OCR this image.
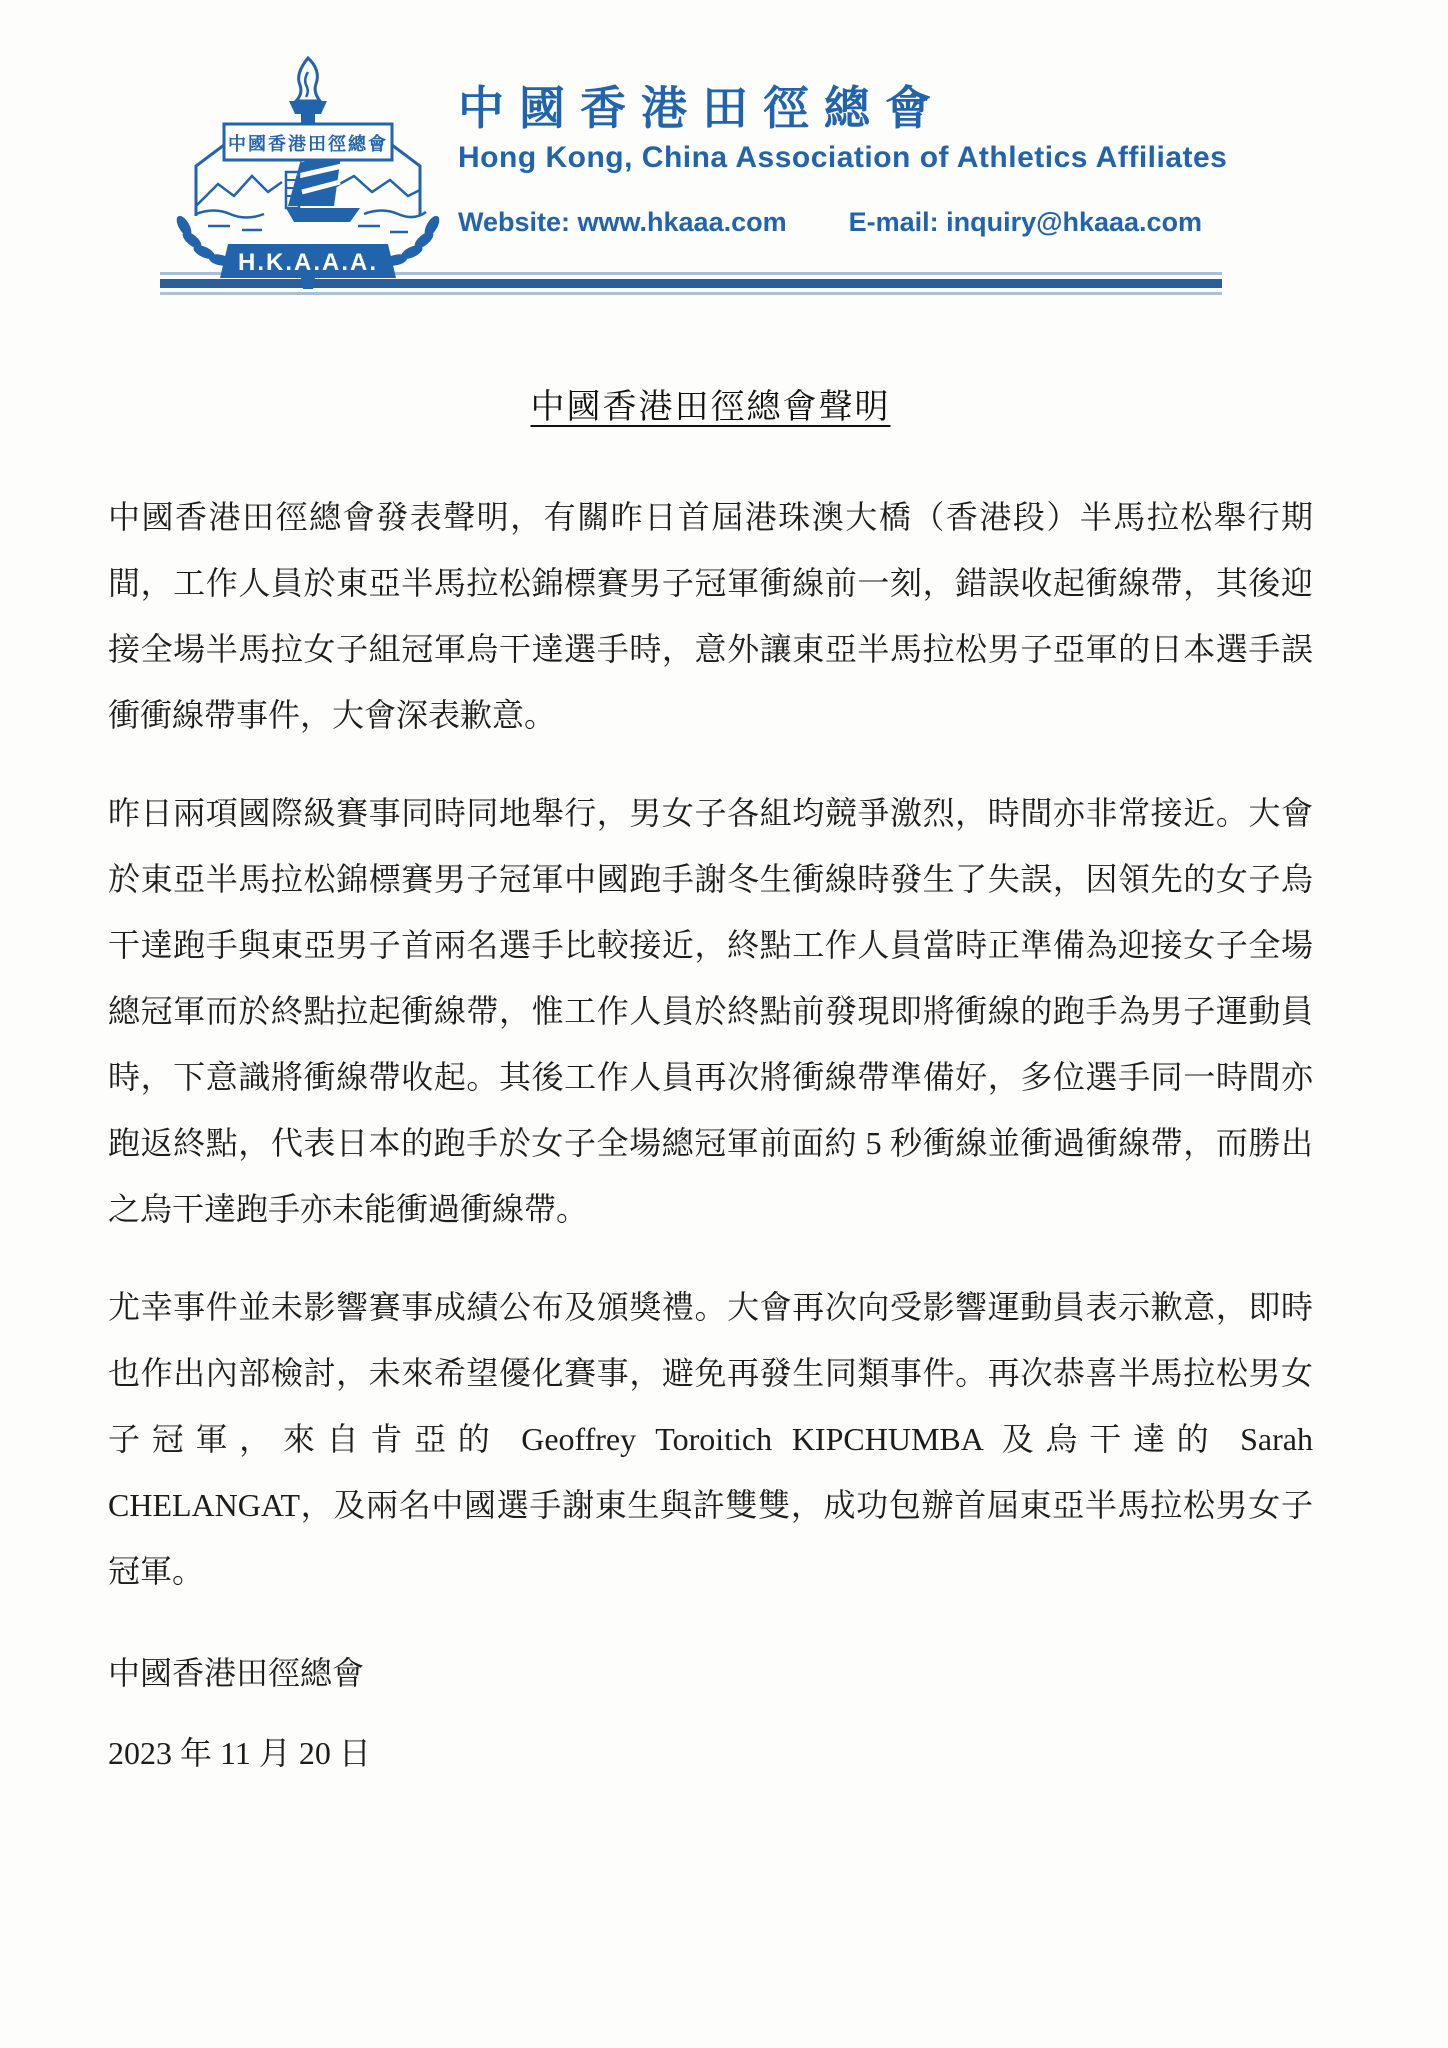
中國香港田徑總會
H.K.A.A.A.
中國香港田徑總會
Hong Kong, China Association of Athletics Affiliates
Website: www.hkaaa.com E-mail: inquiry@hkaaa.com
中國香港田徑總會聲明

中國香港田徑總會發表聲明，有關昨日首屆港珠澳大橋（香港段）半馬拉松舉行期間，工作人員於東亞半馬拉松錦標賽男子冠軍衝線前一刻，錯誤收起衝線帶，其後迎接全場半馬拉女子組冠軍烏干達選手時，意外讓東亞半馬拉松男子亞軍的日本選手誤衝衝線帶事件，大會深表歉意。

昨日兩項國際級賽事同時同地舉行，男女子各組均競爭激烈，時間亦非常接近。大會於東亞半馬拉松錦標賽男子冠軍中國跑手謝冬生衝線時發生了失誤，因領先的女子烏干達跑手與東亞男子首兩名選手比較接近，終點工作人員當時正準備為迎接女子全場總冠軍而於終點拉起衝線帶，惟工作人員於終點前發現即將衝線的跑手為男子運動員時，下意識將衝線帶收起。其後工作人員再次將衝線帶準備好，多位選手同一時間亦跑返終點，代表日本的跑手於女子全場總冠軍前面約 5 秒衝線並衝過衝線帶，而勝出之烏干達跑手亦未能衝過衝線帶。

尤幸事件並未影響賽事成績公布及頒獎禮。大會再次向受影響運動員表示歉意，即時也作出內部檢討，未來希望優化賽事，避免再發生同類事件。再次恭喜半馬拉松男女子冠軍，來自肯亞的 Geoffrey Toroitich KIPCHUMBA 及烏干達的 Sarah CHELANGAT，及兩名中國選手謝東生與許雙雙，成功包辦首屆東亞半馬拉松男女子冠軍。

中國香港田徑總會
2023 年 11 月 20 日
